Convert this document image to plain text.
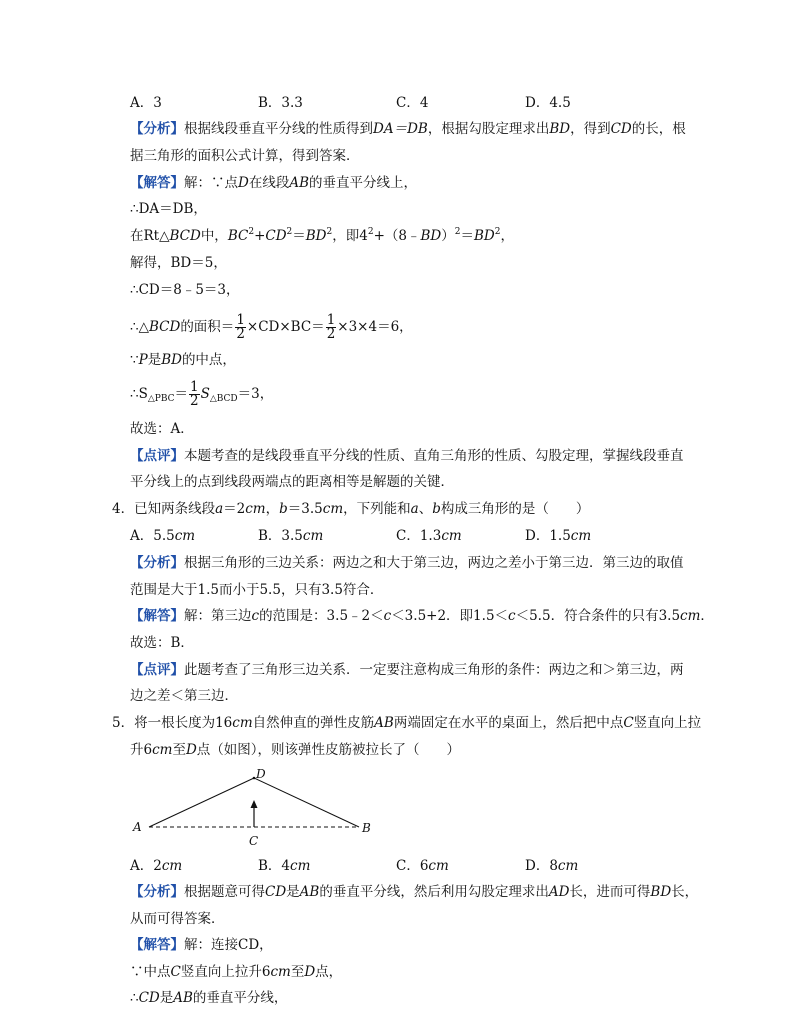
A．3	B．3.3	C．4	D．4.5
【分析】根据线段垂直平分线的性质得到DA＝DB，根据勾股定理求出BD，得到CD的长，根
据三角形的面积公式计算，得到答案．
【解答】解：∵点D在线段AB的垂直平分线上，
∴DA＝DB，
在Rt△BCD中，$BC^2+CD^2=BD^2$，即$4^2+(8﹣BD)^2=BD^2$，
解得，BD＝5，
∴CD＝8﹣5＝3，
∴△BCD的面积＝ $\frac{1}{2} \times CD\times BC= \frac{1}{2} \times 3\times 4=6$，
∵P是BD的中点，
$\therefore S_{\triangle PBC}= \frac{1}{2} S_{\triangle BCD}=3$，
故选：A．
【点评】本题考查的是线段垂直平分线的性质、直角三角形的性质、勾股定理，掌握线段垂直
平分线上的点到线段两端点的距离相等是解题的关键．
4．已知两条线段a＝2cm，b＝3.5cm，下列能和a、b构成三角形的是（　　）
A．5.5cm	B．3.5cm	C．1.3cm	D．1.5cm
【分析】根据三角形的三边关系：两边之和大于第三边，两边之差小于第三边．第三边的取值
范围是大于1.5而小于5.5，只有3.5符合．
【解答】解：第三边c的范围是：3.5﹣2＜c＜3.5+2．即1.5＜c＜5.5．符合条件的只有3.5cm．
故选：B．
【点评】此题考查了三角形三边关系．一定要注意构成三角形的条件：两边之和＞第三边，两
边之差＜第三边．
5．将一根长度为16cm自然伸直的弹性皮筋AB两端固定在水平的桌面上，然后把中点C竖直向上拉
升6cm至D点（如图），则该弹性皮筋被拉长了（　　）
D
A	B
C
A．2cm	B．4cm	C．6cm	D．8cm
【分析】根据题意可得CD是AB的垂直平分线，然后利用勾股定理求出AD长，进而可得BD长，
从而可得答案．
【解答】解：连接CD，
∵中点C竖直向上拉升6cm至D点，
∴CD是AB的垂直平分线，
